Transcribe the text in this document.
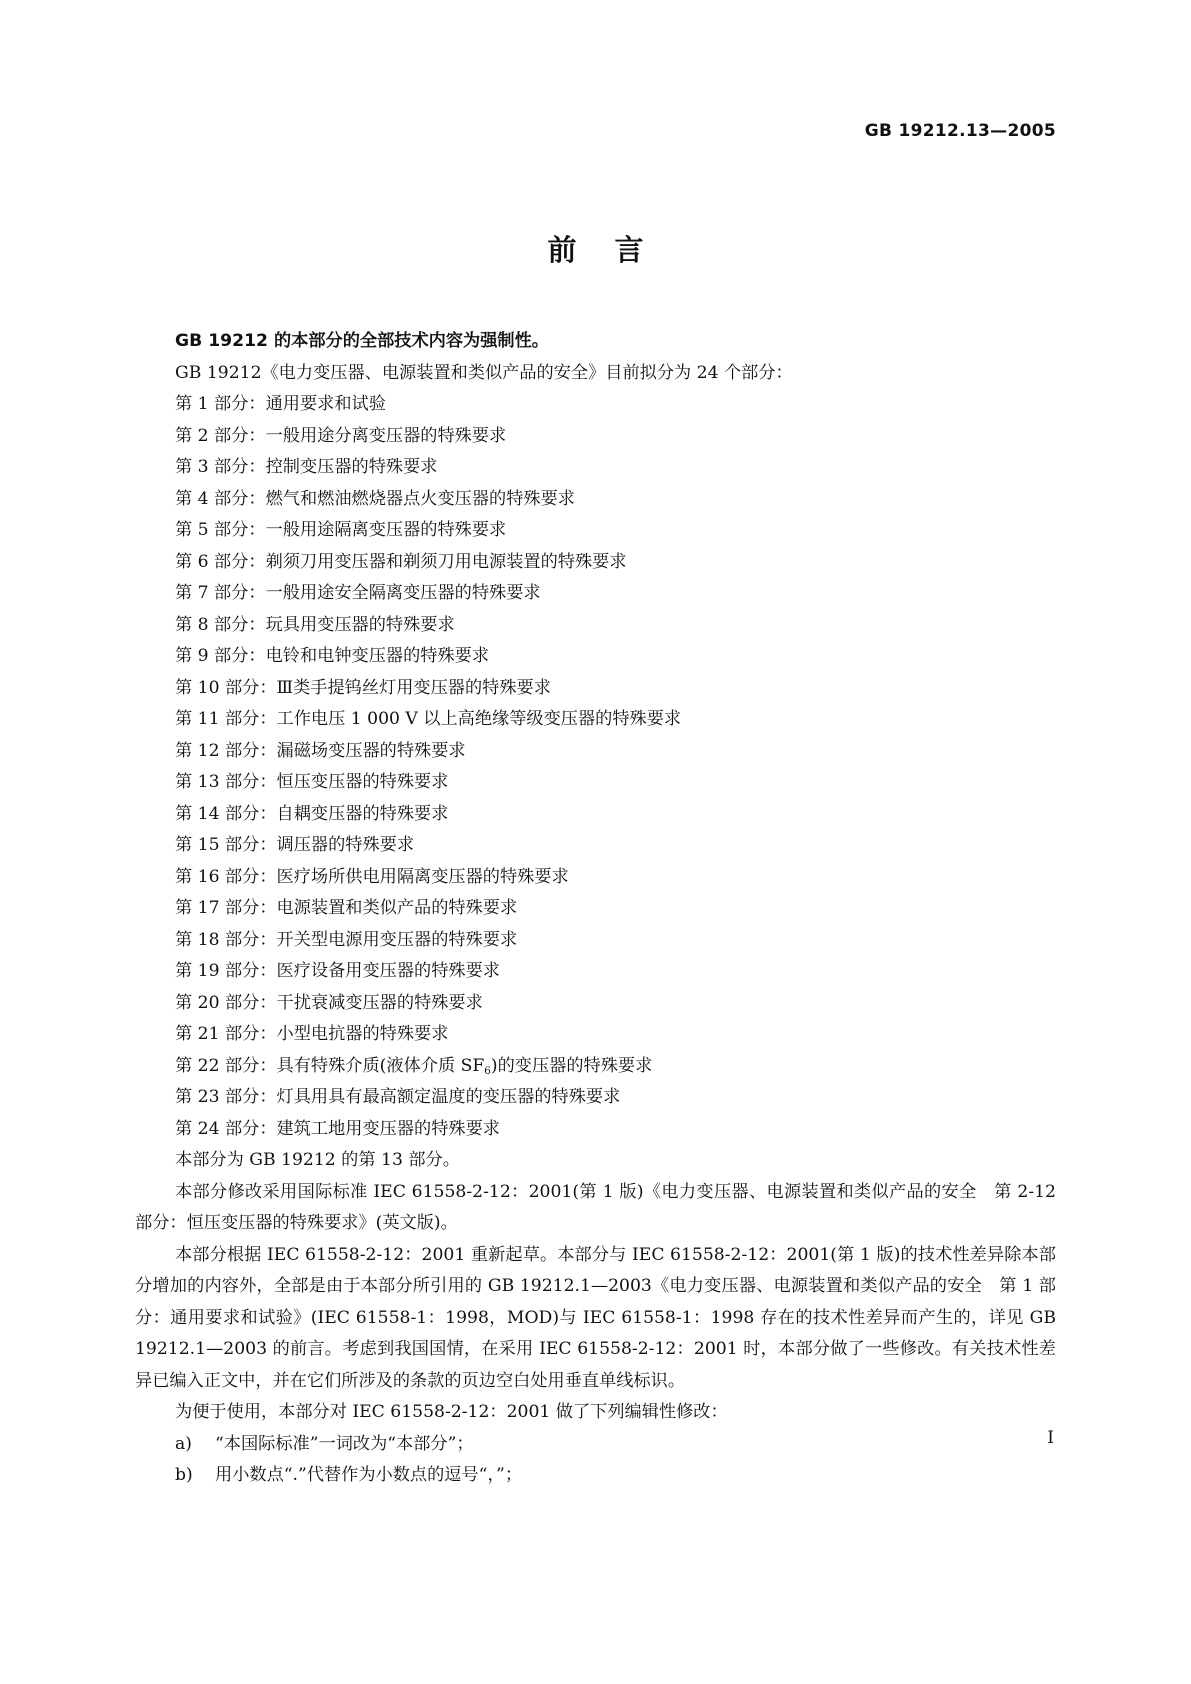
GB 19212.13—2005
前言

GB 19212 的本部分的全部技术内容为强制性。

GB 19212《电力变压器、电源装置和类似产品的安全》目前拟分为 24 个部分：

第 1 部分：通用要求和试验
第 2 部分：一般用途分离变压器的特殊要求
第 3 部分：控制变压器的特殊要求
第 4 部分：燃气和燃油燃烧器点火变压器的特殊要求
第 5 部分：一般用途隔离变压器的特殊要求
第 6 部分：剃须刀用变压器和剃须刀用电源装置的特殊要求
第 7 部分：一般用途安全隔离变压器的特殊要求
第 8 部分：玩具用变压器的特殊要求
第 9 部分：电铃和电钟变压器的特殊要求
第 10 部分：Ⅲ类手提钨丝灯用变压器的特殊要求
第 11 部分：工作电压 1 000 V 以上高绝缘等级变压器的特殊要求
第 12 部分：漏磁场变压器的特殊要求
第 13 部分：恒压变压器的特殊要求
第 14 部分：自耦变压器的特殊要求
第 15 部分：调压器的特殊要求
第 16 部分：医疗场所供电用隔离变压器的特殊要求
第 17 部分：电源装置和类似产品的特殊要求
第 18 部分：开关型电源用变压器的特殊要求
第 19 部分：医疗设备用变压器的特殊要求
第 20 部分：干扰衰减变压器的特殊要求
第 21 部分：小型电抗器的特殊要求
第 22 部分：具有特殊介质(液体介质 $SF_6$)的变压器的特殊要求
第 23 部分：灯具用具有最高额定温度的变压器的特殊要求
第 24 部分：建筑工地用变压器的特殊要求

本部分为 GB 19212 的第 13 部分。

本部分修改采用国际标准 IEC 61558-2-12：2001(第 1 版)《电力变压器、电源装置和类似产品的安全　第 2-12 部分：恒压变压器的特殊要求》(英文版)。

本部分根据 IEC 61558-2-12：2001 重新起草。本部分与 IEC 61558-2-12：2001(第 1 版)的技术性差异除本部分增加的内容外，全部是由于本部分所引用的 GB 19212.1—2003《电力变压器、电源装置和类似产品的安全　第 1 部分：通用要求和试验》(IEC 61558-1：1998，MOD)与 IEC 61558-1：1998 存在的技术性差异而产生的，详见 GB 19212.1—2003 的前言。考虑到我国国情，在采用 IEC 61558-2-12：2001 时，本部分做了一些修改。有关技术性差异已编入正文中，并在它们所涉及的条款的页边空白处用垂直单线标识。

为便于使用，本部分对 IEC 61558-2-12：2001 做了下列编辑性修改：

a) “本国际标准”一词改为“本部分”；
b) 用小数点“.”代替作为小数点的逗号“，”；
Ⅰ
